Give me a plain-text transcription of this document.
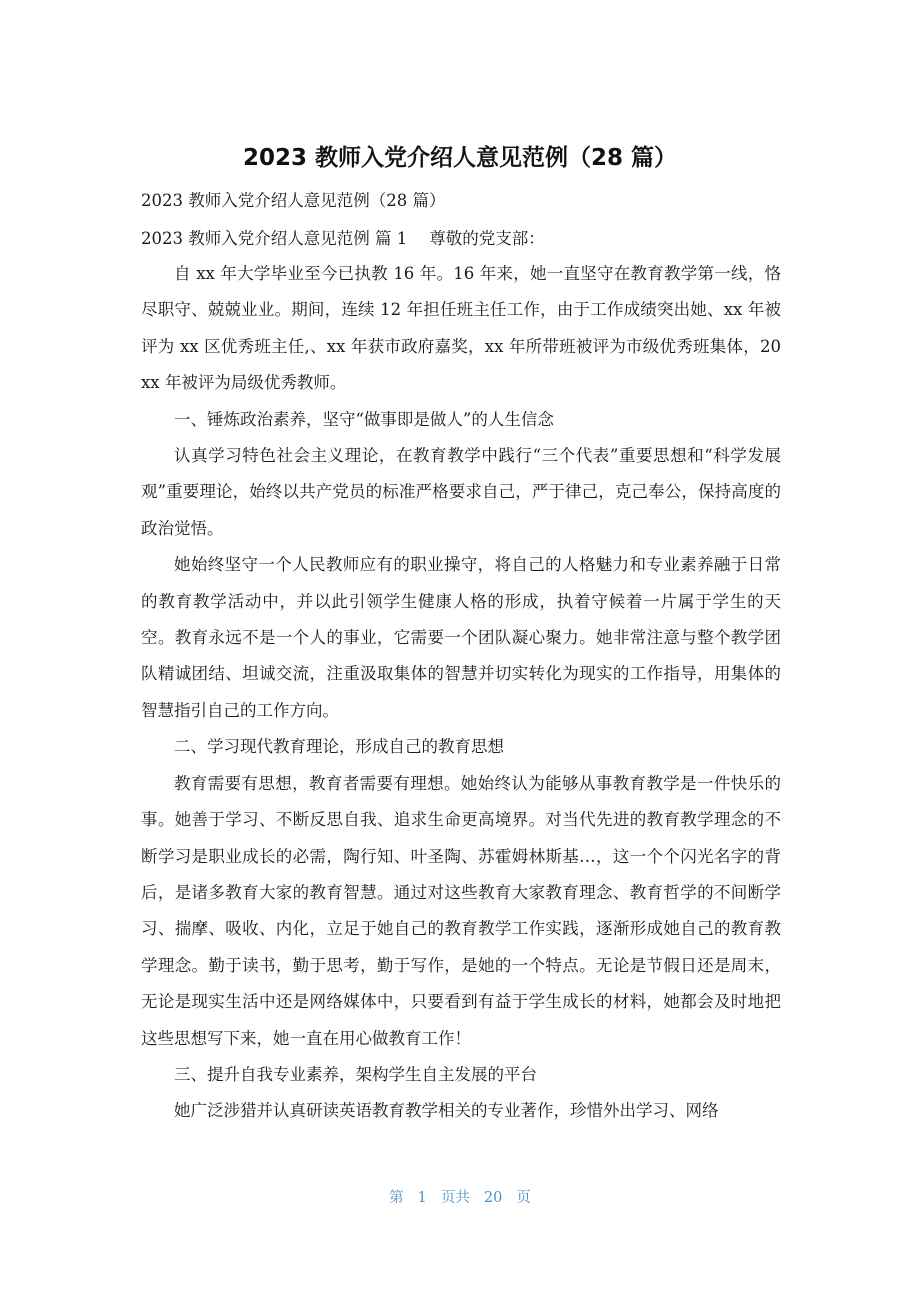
2023 教师入党介绍人意见范例（28 篇）

2023 教师入党介绍人意见范例（28 篇）

2023 教师入党介绍人意见范例 篇 1 尊敬的党支部：

自 xx 年大学毕业至今已执教 16 年。16 年来，她一直坚守在教育教学第一线，恪尽职守、兢兢业业。期间，连续 12 年担任班主任工作，由于工作成绩突出她、xx 年被评为 xx 区优秀班主任,、xx 年获市政府嘉奖，xx 年所带班被评为市级优秀班集体，20xx 年被评为局级优秀教师。

一、锤炼政治素养，坚守“做事即是做人”的人生信念

认真学习特色社会主义理论，在教育教学中践行“三个代表”重要思想和“科学发展观”重要理论，始终以共产党员的标准严格要求自己，严于律己，克己奉公，保持高度的政治觉悟。

她始终坚守一个人民教师应有的职业操守，将自己的人格魅力和专业素养融于日常的教育教学活动中，并以此引领学生健康人格的形成，执着守候着一片属于学生的天空。教育永远不是一个人的事业，它需要一个团队凝心聚力。她非常注意与整个教学团队精诚团结、坦诚交流，注重汲取集体的智慧并切实转化为现实的工作指导，用集体的智慧指引自己的工作方向。

二、学习现代教育理论，形成自己的教育思想

教育需要有思想，教育者需要有理想。她始终认为能够从事教育教学是一件快乐的事。她善于学习、不断反思自我、追求生命更高境界。对当代先进的教育教学理念的不断学习是职业成长的必需，陶行知、叶圣陶、苏霍姆林斯基…，这一个个闪光名字的背后，是诸多教育大家的教育智慧。通过对这些教育大家教育理念、教育哲学的不间断学习、揣摩、吸收、内化，立足于她自己的教育教学工作实践，逐渐形成她自己的教育教学理念。勤于读书，勤于思考，勤于写作，是她的一个特点。无论是节假日还是周末，无论是现实生活中还是网络媒体中，只要看到有益于学生成长的材料，她都会及时地把这些思想写下来，她一直在用心做教育工作！

三、提升自我专业素养，架构学生自主发展的平台

她广泛涉猎并认真研读英语教育教学相关的专业著作，珍惜外出学习、网络

第 1 页共 20 页
